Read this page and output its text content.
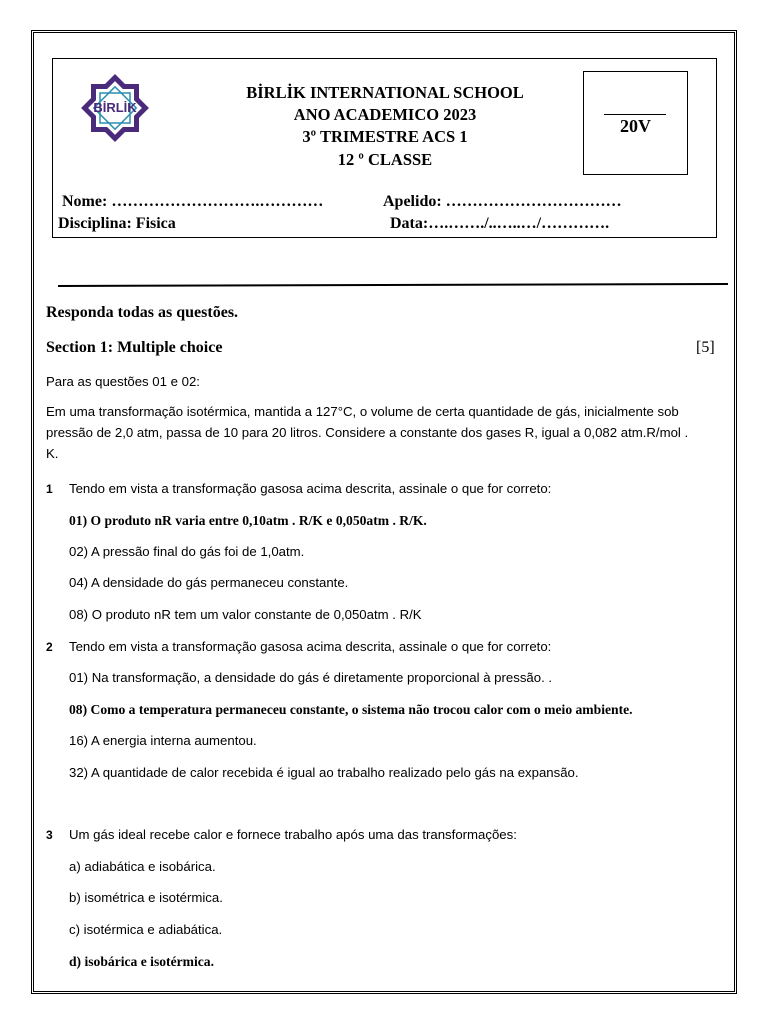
BİRLİK
BİRLİK INTERNATIONAL SCHOOL
ANO ACADEMICO 2023
3º TRIMESTRE ACS 1
12 º CLASSE
20V
Nome: ……………………….…………	Apelido: ……………………………
Disciplina: Fisica	Data:….……./..…..…/………….
Responda todas as questões.
Section 1: Multiple choice	[5]
Para as questões 01 e 02:
Em uma transformação isotérmica, mantida a 127°C, o volume de certa quantidade de gás, inicialmente sob
pressão de 2,0 atm, passa de 10 para 20 litros. Considere a constante dos gases R, igual a 0,082 atm.R/mol .
K.
1 Tendo em vista a transformação gasosa acima descrita, assinale o que for correto:
01) O produto nR varia entre 0,10atm . R/K e 0,050atm . R/K.
02) A pressão final do gás foi de 1,0atm.
04) A densidade do gás permaneceu constante.
08) O produto nR tem um valor constante de 0,050atm . R/K
2 Tendo em vista a transformação gasosa acima descrita, assinale o que for correto:
01) Na transformação, a densidade do gás é diretamente proporcional à pressão. .
08) Como a temperatura permaneceu constante, o sistema não trocou calor com o meio ambiente.
16) A energia interna aumentou.
32) A quantidade de calor recebida é igual ao trabalho realizado pelo gás na expansão.
3 Um gás ideal recebe calor e fornece trabalho após uma das transformações:
a) adiabática e isobárica.
b) isométrica e isotérmica.
c) isotérmica e adiabática.
d) isobárica e isotérmica.
